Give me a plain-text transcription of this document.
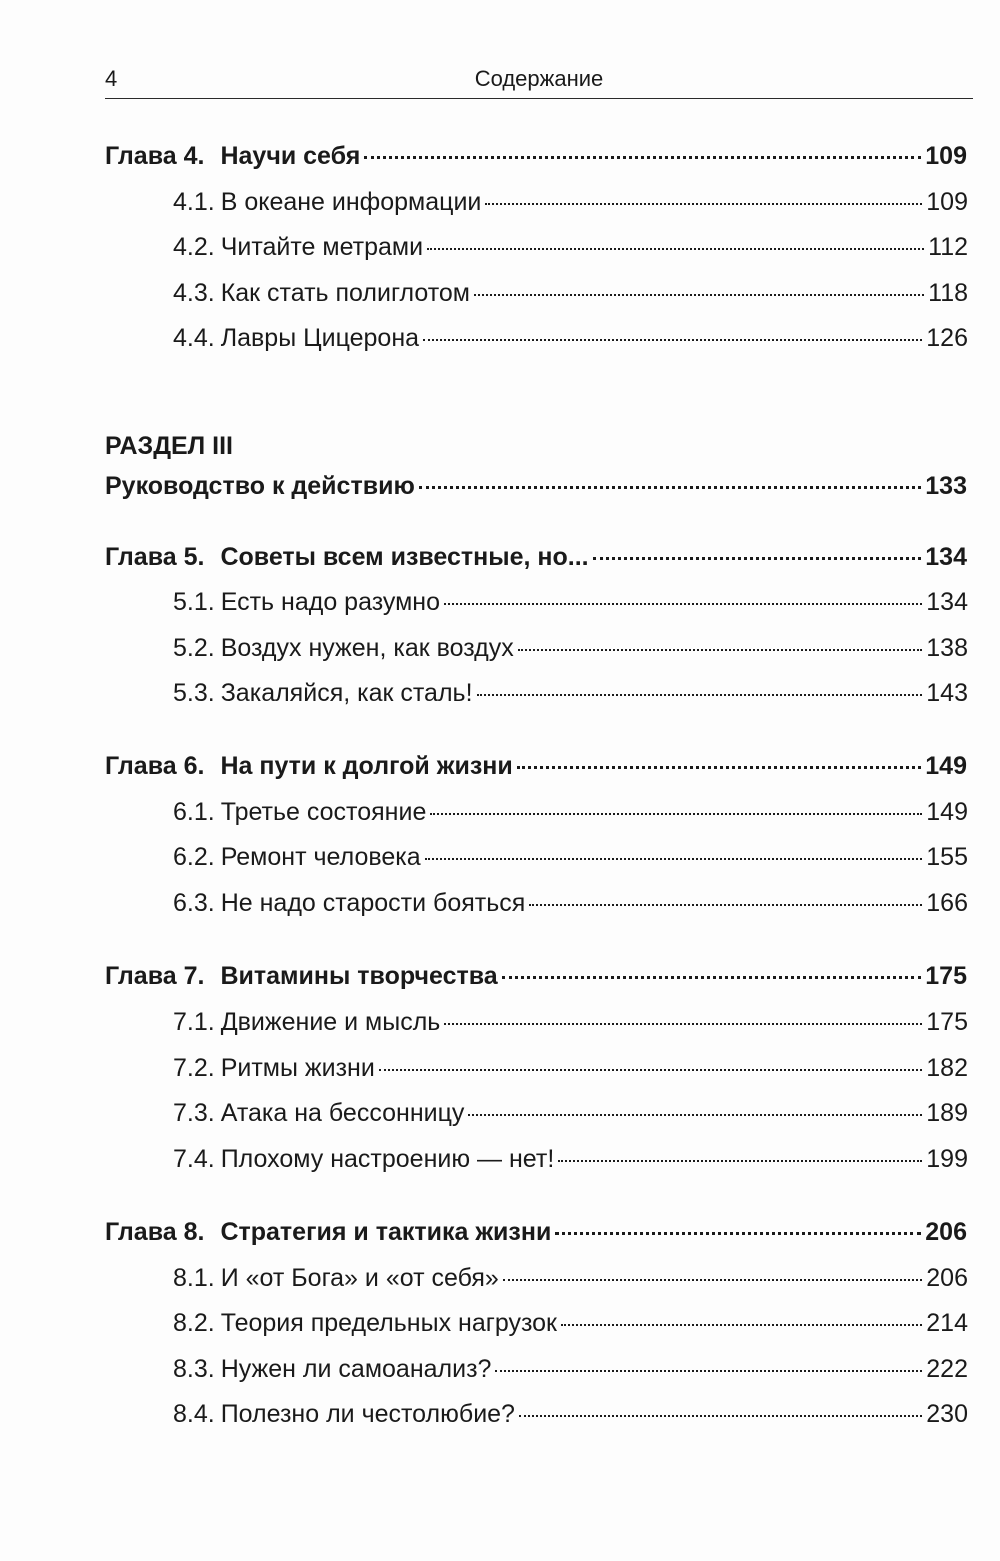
4	Содержание
Глава 4. Научи себя	109
4.1. В океане информации	109
4.2. Читайте метрами	112
4.3. Как стать полиглотом	118
4.4. Лавры Цицерона	126
РАЗДЕЛ III
Руководство к действию	133
Глава 5. Советы всем известные, но...	134
5.1. Есть надо разумно	134
5.2. Воздух нужен, как воздух	138
5.3. Закаляйся, как сталь!	143
Глава 6. На пути к долгой жизни	149
6.1. Третье состояние	149
6.2. Ремонт человека	155
6.3. Не надо старости бояться	166
Глава 7. Витамины творчества	175
7.1. Движение и мысль	175
7.2. Ритмы жизни	182
7.3. Атака на бессонницу	189
7.4. Плохому настроению — нет!	199
Глава 8. Стратегия и тактика жизни	206
8.1. И «от Бога» и «от себя»	206
8.2. Теория предельных нагрузок	214
8.3. Нужен ли самоанализ?	222
8.4. Полезно ли честолюбие?	230
